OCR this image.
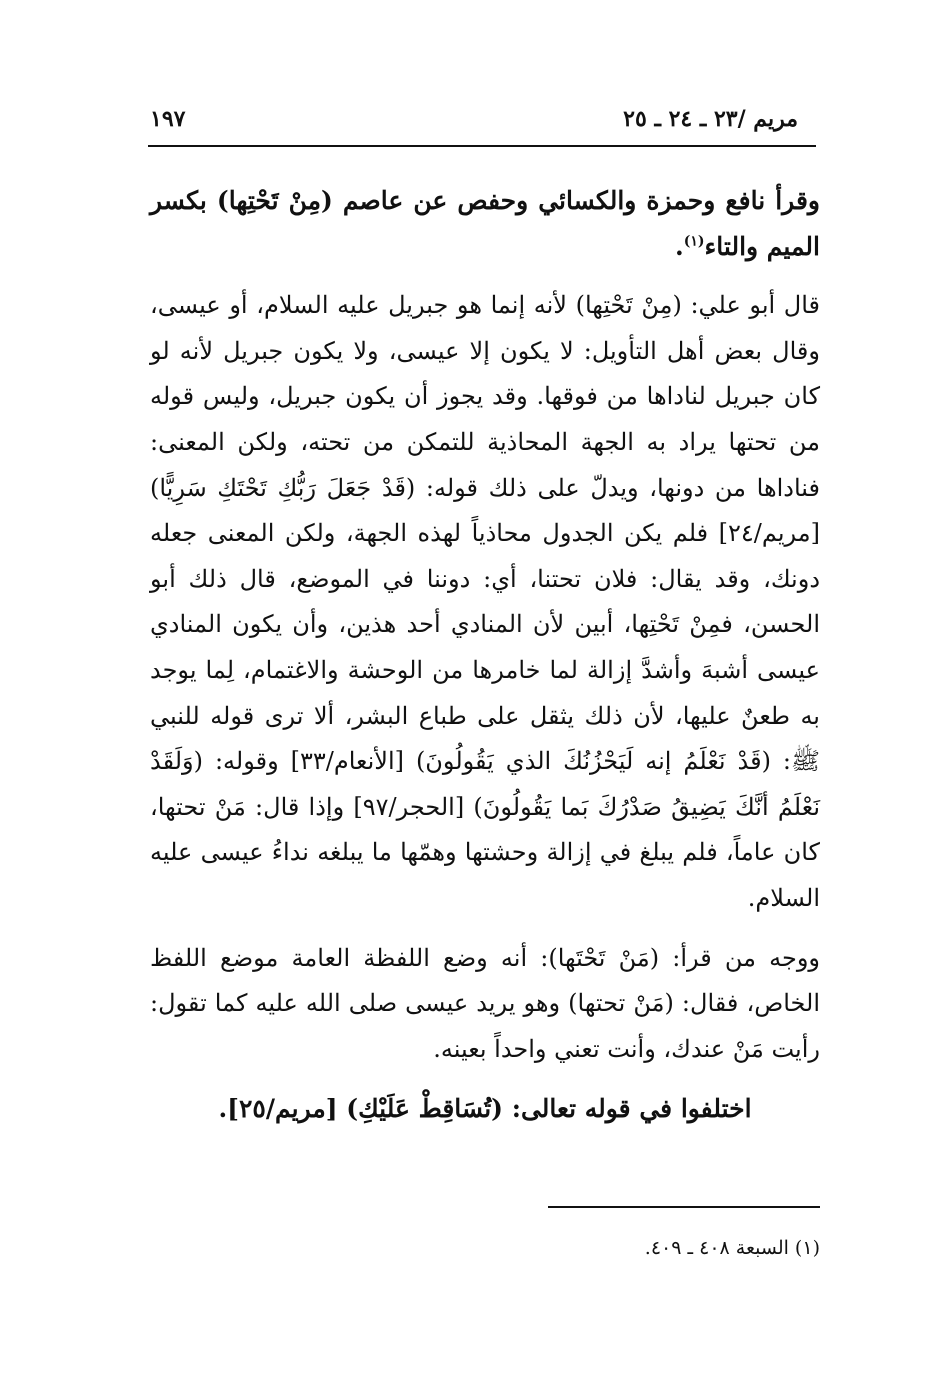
١٩٧	مريم /٢٣ ـ ٢٤ ـ ٢٥

وقرأ نافع وحمزة والكسائي وحفص عن عاصم (مِنْ تَحْتِها) بكسر الميم والتاء$^{(١)}$.

قال أبو علي: (مِنْ تَحْتِها) لأنه إنما هو جبريل عليه السلام، أو عيسى، وقال بعض أهل التأويل: لا يكون إلا عيسى، ولا يكون جبريل لأنه لو كان جبريل لناداها من فوقها. وقد يجوز أن يكون جبريل، وليس قوله من تحتها يراد به الجهة المحاذية للتمكن من تحته، ولكن المعنى: فناداها من دونها، ويدلّ على ذلك قوله: (قَدْ جَعَلَ رَبُّكِ تَحْتَكِ سَرِيًّا) [مريم/٢٤] فلم يكن الجدول محاذياً لهذه الجهة، ولكن المعنى جعله دونك، وقد يقال: فلان تحتنا، أي: دوننا في الموضع، قال ذلك أبو الحسن، فمِنْ تَحْتِها، أبين لأن المنادي أحد هذين، وأن يكون المنادي عيسى أشبهَ وأشدَّ إزالة لما خامرها من الوحشة والاغتمام، لِما يوجد به طعنٌ عليها، لأن ذلك يثقل على طباع البشر، ألا ترى قوله للنبي ﷺ: (قَدْ نَعْلَمُ إنه لَيَحْزُنُكَ الذي يَقُولُونَ) [الأنعام/٣٣] وقوله: (وَلَقَدْ نَعْلَمُ أنَّكَ يَضِيقُ صَدْرُكَ بَما يَقُولُونَ) [الحجر/٩٧] وإذا قال: مَنْ تحتها، كان عاماً، فلم يبلغ في إزالة وحشتها وهمّها ما يبلغه نداءُ عيسى عليه السلام.

ووجه من قرأ: (مَنْ تَحْتَها): أنه وضع اللفظة العامة موضع اللفظ الخاص، فقال: (مَنْ تحتها) وهو يريد عيسى صلى الله عليه كما تقول: رأيت مَنْ عندك، وأنت تعني واحداً بعينه.

اختلفوا في قوله تعالى: (تُسَاقِطْ عَلَيْكِ) [مريم/٢٥].

(١) السبعة ٤٠٨ ـ ٤٠٩.
